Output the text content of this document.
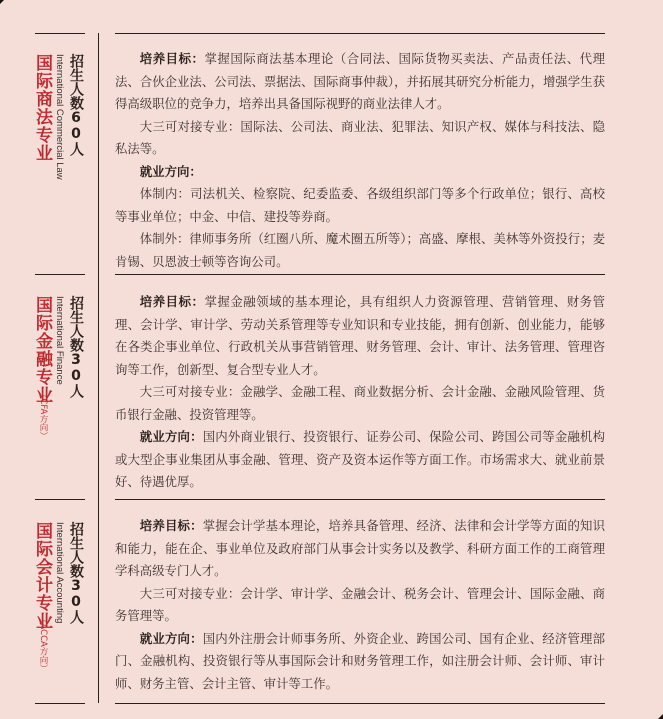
国际商法专业 International Commercial Law 招生人数60人	培养目标：掌握国际商法基本理论（合同法、国际货物买卖法、产品责任法、代理法、合伙企业法、公司法、票据法、国际商事仲裁），并拓展其研究分析能力，增强学生获得高级职位的竞争力，培养出具备国际视野的商业法律人才。

大三可对接专业：国际法、公司法、商业法、犯罪法、知识产权、媒体与科技法、隐私法等。

就业方向：

体制内：司法机关、检察院、纪委监委、各级组织部门等多个行政单位；银行、高校等事业单位；中金、中信、建投等券商。

体制外：律师事务所（红圈八所、魔术圈五所等）；高盛、摩根、美林等外资投行；麦肯锡、贝恩波士顿等咨询公司。

国际金融专业
（CFA方向）
International Finance 招生人数30人	培养目标：掌握金融领域的基本理论，具有组织人力资源管理、营销管理、财务管理、会计学、审计学、劳动关系管理等专业知识和专业技能，拥有创新、创业能力，能够在各类企事业单位、行政机关从事营销管理、财务管理、会计、审计、法务管理、管理咨询等工作，创新型、复合型专业人才。

大三可对接专业：金融学、金融工程、商业数据分析、会计金融、金融风险管理、货币银行金融、投资管理等。

就业方向：国内外商业银行、投资银行、证券公司、保险公司、跨国公司等金融机构或大型企事业集团从事金融、管理、资产及资本运作等方面工作。市场需求大、就业前景好、待遇优厚。

国际会计专业
（ACCA方向）
International Accounting 招生人数30人	培养目标：掌握会计学基本理论，培养具备管理、经济、法律和会计学等方面的知识和能力，能在企、事业单位及政府部门从事会计实务以及教学、科研方面工作的工商管理学科高级专门人才。

大三可对接专业：会计学、审计学、金融会计、税务会计、管理会计、国际金融、商务管理等。

就业方向：国内外注册会计师事务所、外资企业、跨国公司、国有企业、经济管理部门、金融机构、投资银行等从事国际会计和财务管理工作，如注册会计师、会计师、审计师、财务主管、会计主管、审计等工作。
